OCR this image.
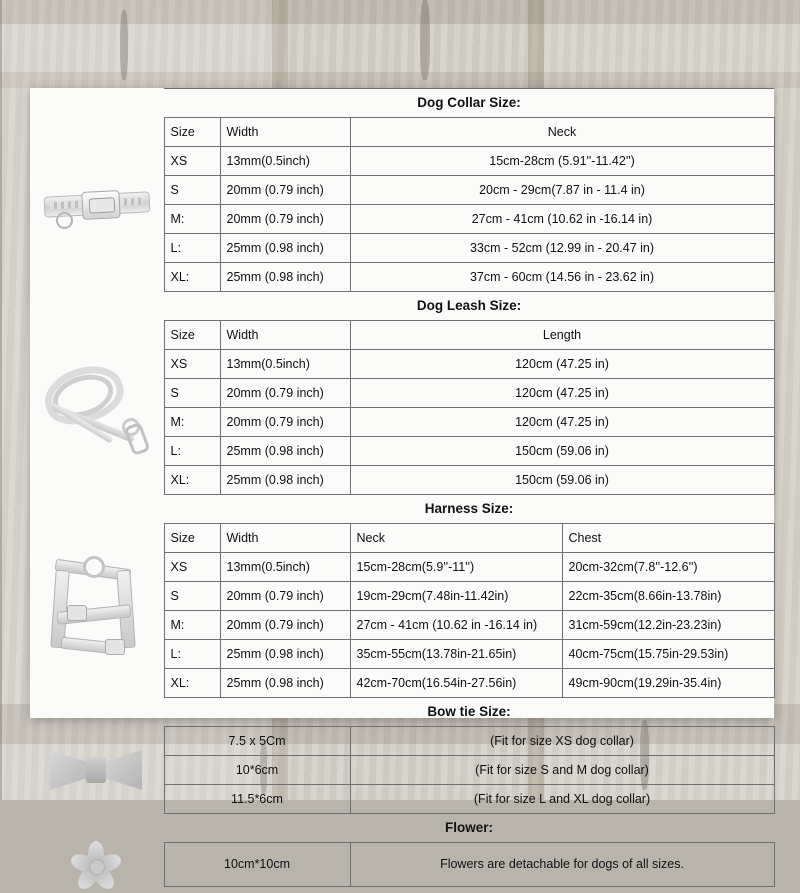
	Dog Collar Size:			

	Size	Width	Neck	
	XS	13mm(0.5inch)	15cm-28cm (5.91''-11.42'')	
	S	20mm (0.79 inch)	20cm - 29cm(7.87 in - 11.4 in)	
	M:	20mm (0.79 inch)	27cm - 41cm (10.62 in -16.14 in)	
	L:	25mm (0.98 inch)	33cm - 52cm (12.99 in - 20.47 in)	
	XL:	25mm (0.98 inch)	37cm - 60cm (14.56 in - 23.62 in)	
	Dog Leash Size:			

	Size	Width	Length	
	XS	13mm(0.5inch)	120cm (47.25 in)	
	S	20mm (0.79 inch)	120cm (47.25 in)	
	M:	20mm (0.79 inch)	120cm (47.25 in)	
	L:	25mm (0.98 inch)	150cm (59.06 in)	
	XL:	25mm (0.98 inch)	150cm (59.06 in)	
	Harness Size:			

	Size	Width	Neck	Chest
	XS	13mm(0.5inch)	15cm-28cm(5.9''-11'')	20cm-32cm(7.8''-12.6'')
	S	20mm (0.79 inch)	19cm-29cm(7.48in-11.42in)	22cm-35cm(8.66in-13.78in)
	M:	20mm (0.79 inch)	27cm - 41cm (10.62 in -16.14 in)	31cm-59cm(12.2in-23.23in)
	L:	25mm (0.98 inch)	35cm-55cm(13.78in-21.65in)	40cm-75cm(15.75in-29.53in)
	XL:	25mm (0.98 inch)	42cm-70cm(16.54in-27.56in)	49cm-90cm(19.29in-35.4in)
	Bow tie Size:			

	7.5 x 5Cm		(Fit for size XS dog collar)	
	10*6cm		(Fit for size S and M dog collar)	
	11.5*6cm		(Fit for size L and XL dog collar)	
	Flower:			

	10cm*10cm		Flowers are detachable for dogs of all sizes.	
